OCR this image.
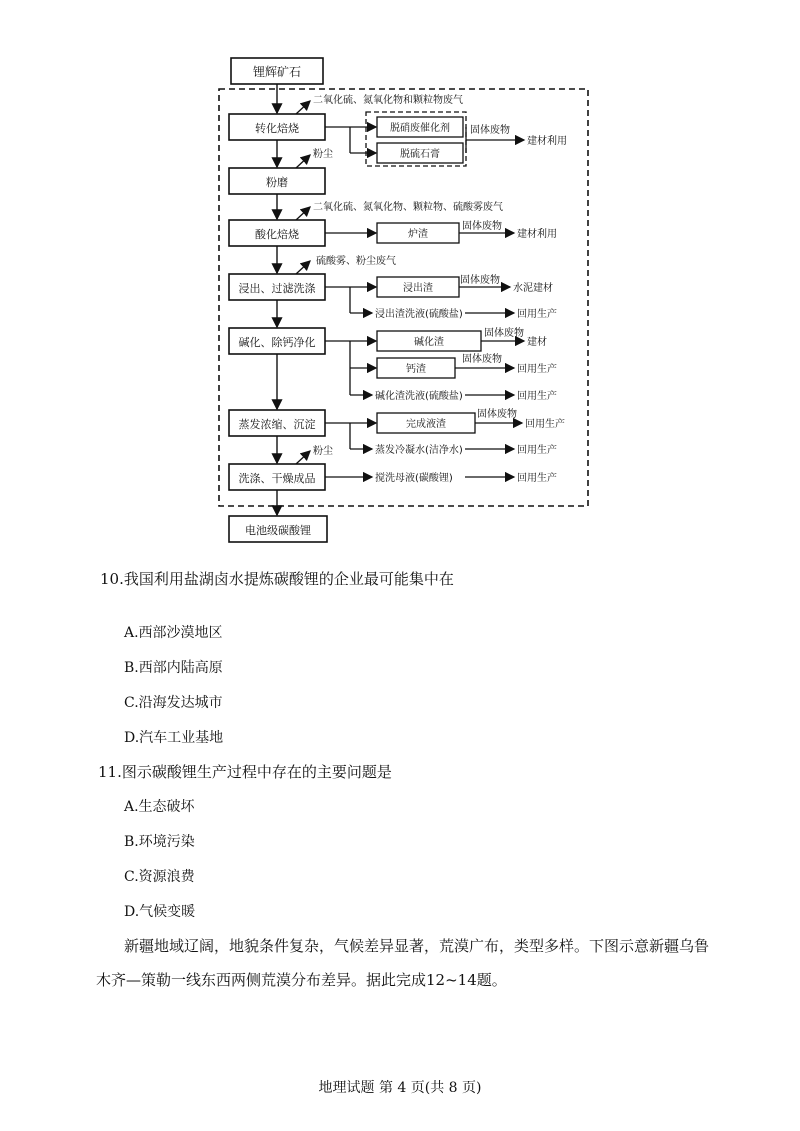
锂辉矿石
转化焙烧
粉磨
酸化焙烧
浸出、过滤洗涤
碱化、除钙净化
蒸发浓缩、沉淀
洗涤、干燥成品
电池级碳酸锂
二氧化硫、氮氧化物和颗粒物废气
粉尘
二氧化硫、氮氧化物、颗粒物、硫酸雾废气
硫酸雾、粉尘废气
粉尘
脱硝废催化剂
脱硫石膏
炉渣
浸出渣
碱化渣
钙渣
完成液渣
浸出渣洗液(硫酸盐)
碱化渣洗液(硫酸盐)
蒸发冷凝水(洁净水)
搅洗母液(碳酸锂)
固体废物
固体废物
固体废物
固体废物
固体废物
固体废物
建材利用
建材利用
水泥建材
回用生产
建材
回用生产
回用生产
回用生产
回用生产
回用生产
10.我国利用盐湖卤水提炼碳酸锂的企业最可能集中在
A.西部沙漠地区
B.西部内陆高原
C.沿海发达城市
D.汽车工业基地
11.图示碳酸锂生产过程中存在的主要问题是
A.生态破坏
B.环境污染
C.资源浪费
D.气候变暖
新疆地域辽阔，地貌条件复杂，气候差异显著，荒漠广布，类型多样。下图示意新疆乌鲁
木齐—策勒一线东西两侧荒漠分布差异。据此完成12~14题。
地理试题 第 4 页(共 8 页)
